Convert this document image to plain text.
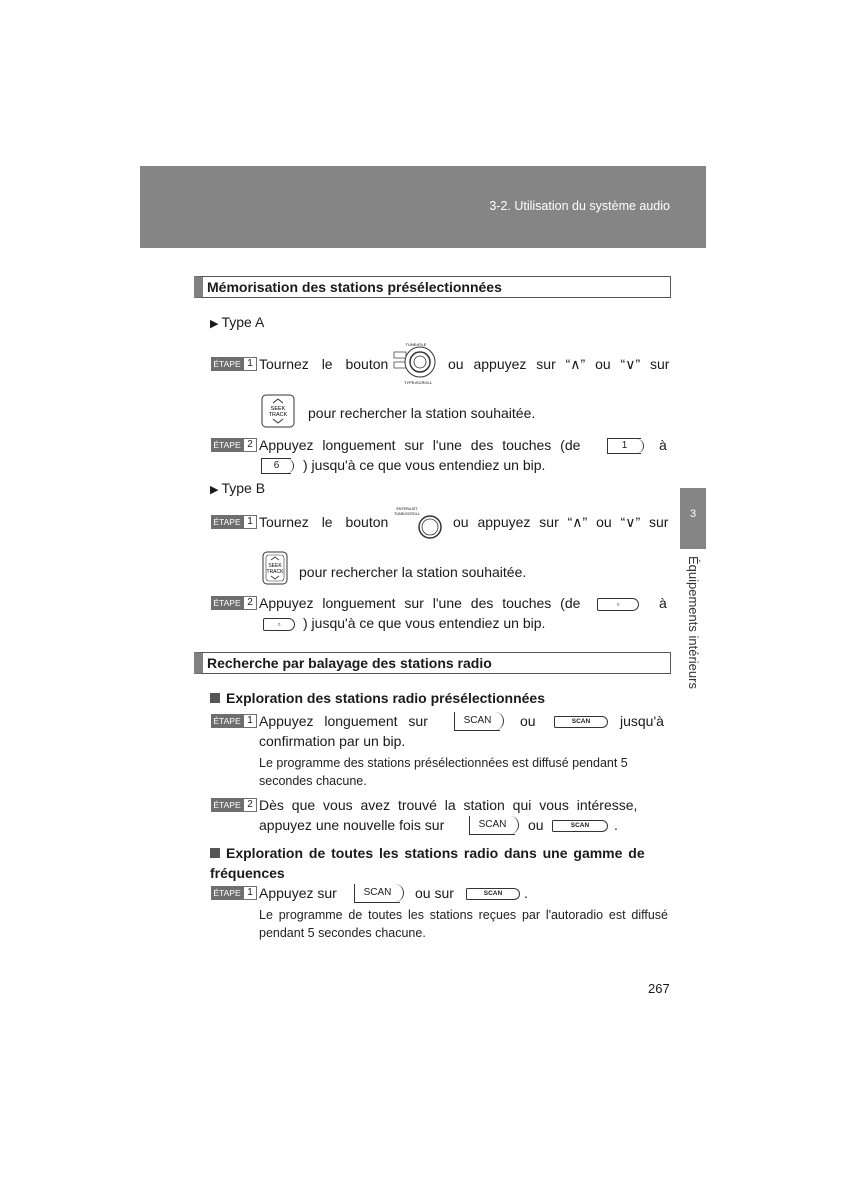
3-2. Utilisation du système audio
3
Équipements intérieurs
Mémorisation des stations présélectionnées
▶ Type A
ÉTAPE 1 Tournez le bouton
TUNE•FILE
TYPE•SCROLL
ou appuyez sur “∧” ou “∨” sur
SEEK
TRACK pour rechercher la station souhaitée.
ÉTAPE 2 Appuyez longuement sur l'une des touches (de	1	à
6	) jusqu'à ce que vous entendiez un bip.
▶ Type B
ÉTAPE 1 Tournez le bouton
ENTER•LIST
TUNE•SCROLL ou appuyez sur “∧” ou “∨” sur
SEEK
TRACK pour rechercher la station souhaitée.
ÉTAPE 2 Appuyez longuement sur l'une des touches (de	▫	à
▫	) jusqu'à ce que vous entendiez un bip.
Recherche par balayage des stations radio
Exploration des stations radio présélectionnées
ÉTAPE 1 Appuyez longuement sur	SCAN	ou	SCAN	jusqu'à
confirmation par un bip.
Le programme des stations présélectionnées est diffusé pendant 5 secondes chacune.
ÉTAPE 2 Dès que vous avez trouvé la station qui vous intéresse,
appuyez une nouvelle fois sur	SCAN	ou	SCAN	.
Exploration de toutes les stations radio dans une gamme de fréquences
ÉTAPE 1 Appuyez sur	SCAN	ou sur	SCAN	.
Le programme de toutes les stations reçues par l'autoradio est diffusé pendant 5 secondes chacune.
267
